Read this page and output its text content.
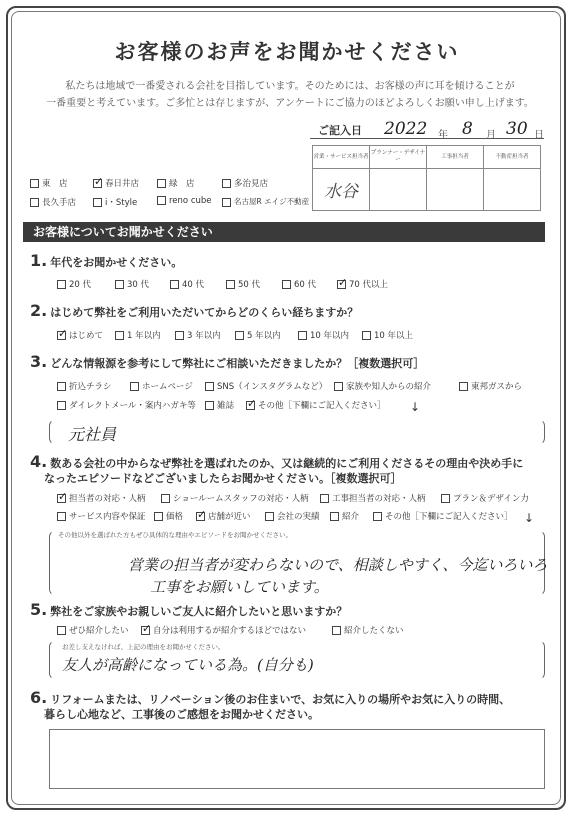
お客様のお声をお聞かせください
私たちは地域で一番愛される会社を目指しています。そのためには、お客様の声に耳を傾けることが
一番重要と考えています。ご多忙とは存じますが、アンケートにご協力のほどよろしくお願い申し上げます。
ご記入日 2022 年 8 月 30 日
営業・サービス担当者	プランナー・デザイナー	工事担当者	不動産担当者
水谷			
東　店 ✓	春日井店	緑　店	多治見店
長久手店	i・Style	reno cube	名古屋R エイジ不動産
お客様についてお聞かせください
1. 年代をお聞かせください。
20 代	30 代	40 代	50 代	60 代 ✓	70 代以上
2. はじめて弊社をご利用いただいてからどのくらい経ちますか？
✓はじめて	1 年以内	3 年以内	5 年以内	10 年以内	10 年以上
3. どんな情報源を参考にして弊社にご相談いただきましたか？［複数選択可］
折込チラシ	ホームページ	SNS（インスタグラムなど）	家族や知人からの紹介	東邦ガスから
ダイレクトメール・案内ハガキ等	雑誌 ✓	その他［下欄にご記入ください］ ↓
元社員
4. 数ある会社の中からなぜ弊社を選ばれたのか、又は継続的にご利用くださるその理由や決め手に
なったエピソードなどございましたらお聞かせください。［複数選択可］
✓担当者の対応・人柄	ショールームスタッフの対応・人柄	工事担当者の対応・人柄	プラン＆デザイン力
サービス内容や保証	価格 ✓	店舗が近い	会社の実績	紹介	その他［下欄にご記入ください］ ↓
その他以外を選ばれた方もぜひ具体的な理由やエピソードをお聞かせください。
営業の担当者が変わらないので、相談しやすく、今迄いろいろ
工事をお願いしています。
5. 弊社をご家族やお親しいご友人に紹介したいと思いますか？
ぜひ紹介したい ✓	自分は利用するが紹介するほどではない	紹介したくない
お差し支えなければ、上記の理由をお聞かせください。
友人が高齢になっている為。(自分も)
6. リフォームまたは、リノベーション後のお住まいで、お気に入りの場所やお気に入りの時間、
暮らし心地など、工事後のご感想をお聞かせください。
